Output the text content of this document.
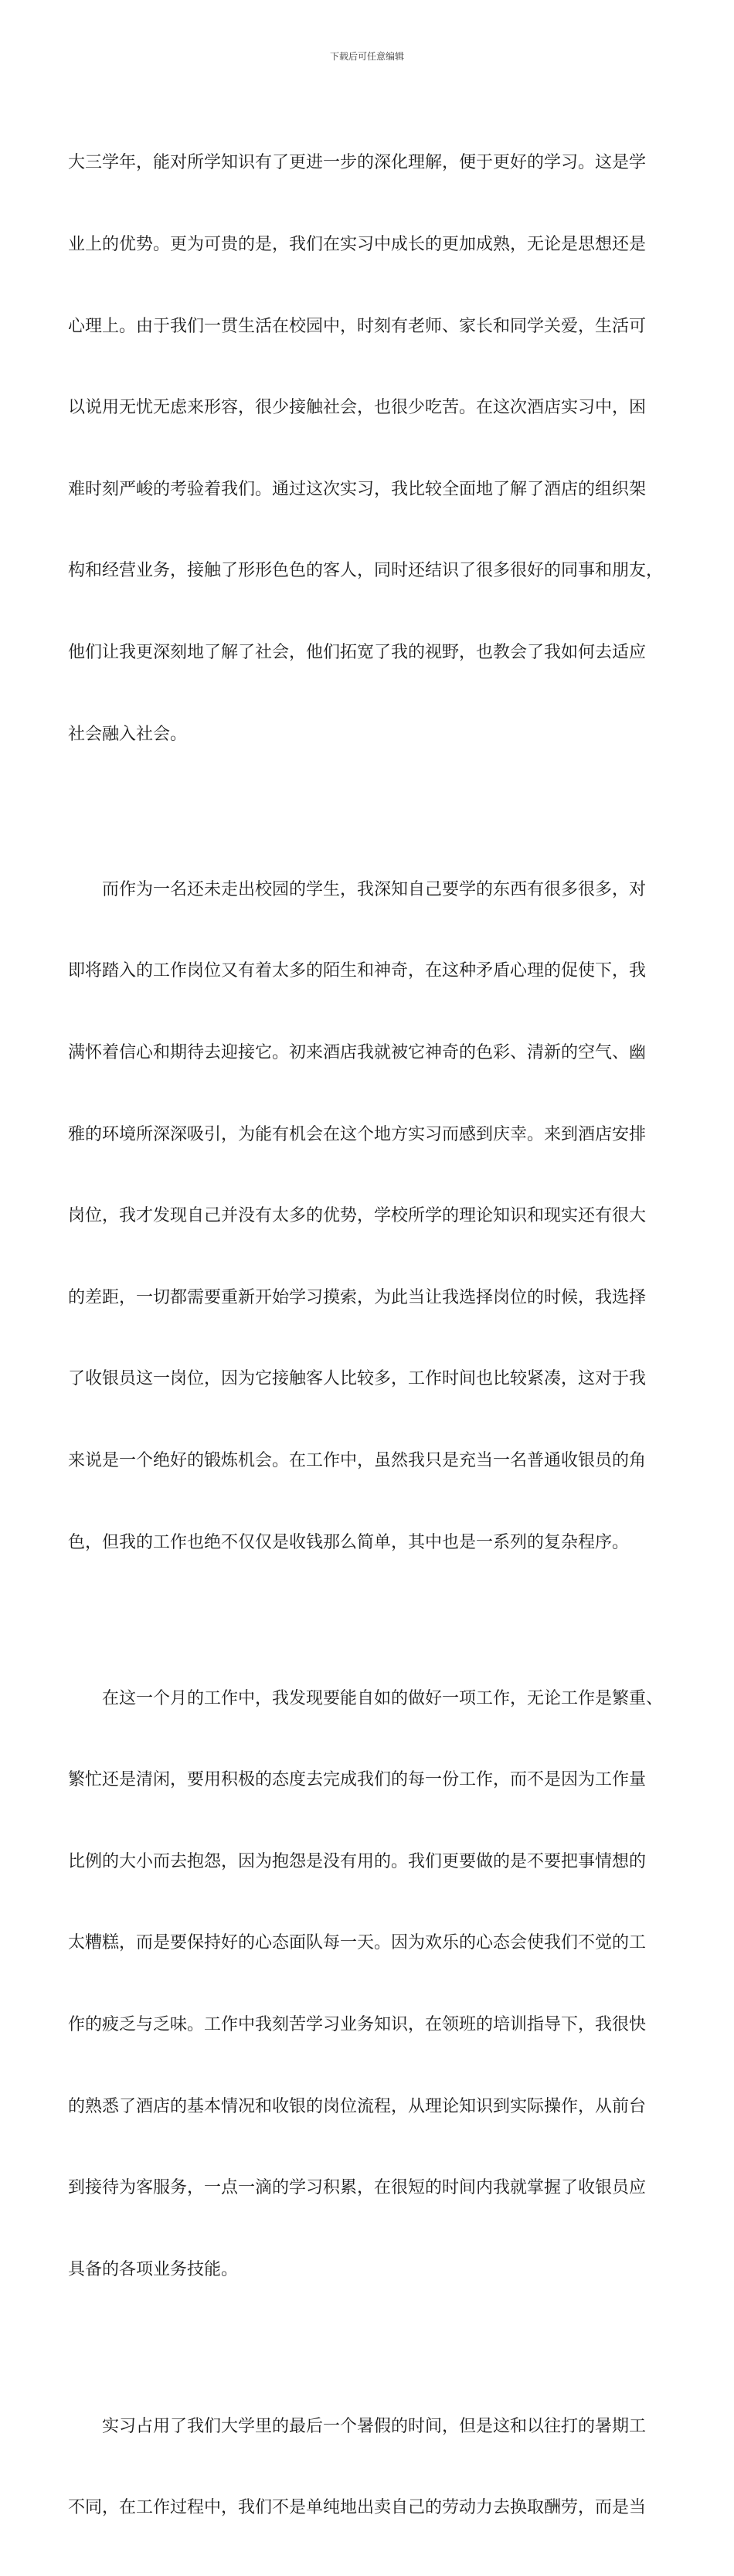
下载后可任意编辑

大三学年，能对所学知识有了更进一步的深化理解，便于更好的学习。这是学

业上的优势。更为可贵的是，我们在实习中成长的更加成熟，无论是思想还是

心理上。由于我们一贯生活在校园中，时刻有老师、家长和同学关爱，生活可

以说用无忧无虑来形容，很少接触社会，也很少吃苦。在这次酒店实习中，困

难时刻严峻的考验着我们。通过这次实习，我比较全面地了解了酒店的组织架

构和经营业务，接触了形形色色的客人，同时还结识了很多很好的同事和朋友，

他们让我更深刻地了解了社会，他们拓宽了我的视野，也教会了我如何去适应

社会融入社会。

　　而作为一名还未走出校园的学生，我深知自己要学的东西有很多很多，对

即将踏入的工作岗位又有着太多的陌生和神奇，在这种矛盾心理的促使下，我

满怀着信心和期待去迎接它。初来酒店我就被它神奇的色彩、清新的空气、幽

雅的环境所深深吸引，为能有机会在这个地方实习而感到庆幸。来到酒店安排

岗位，我才发现自己并没有太多的优势，学校所学的理论知识和现实还有很大

的差距，一切都需要重新开始学习摸索，为此当让我选择岗位的时候，我选择

了收银员这一岗位，因为它接触客人比较多，工作时间也比较紧凑，这对于我

来说是一个绝好的锻炼机会。在工作中，虽然我只是充当一名普通收银员的角

色，但我的工作也绝不仅仅是收钱那么简单，其中也是一系列的复杂程序。

　　在这一个月的工作中，我发现要能自如的做好一项工作，无论工作是繁重、

繁忙还是清闲，要用积极的态度去完成我们的每一份工作，而不是因为工作量

比例的大小而去抱怨，因为抱怨是没有用的。我们更要做的是不要把事情想的

太糟糕，而是要保持好的心态面队每一天。因为欢乐的心态会使我们不觉的工

作的疲乏与乏味。工作中我刻苦学习业务知识，在领班的培训指导下，我很快

的熟悉了酒店的基本情况和收银的岗位流程，从理论知识到实际操作，从前台

到接待为客服务，一点一滴的学习积累，在很短的时间内我就掌握了收银员应

具备的各项业务技能。

　　实习占用了我们大学里的最后一个暑假的时间，但是这和以往打的暑期工

不同，在工作过程中，我们不是单纯地出卖自己的劳动力去换取酬劳，而是当
